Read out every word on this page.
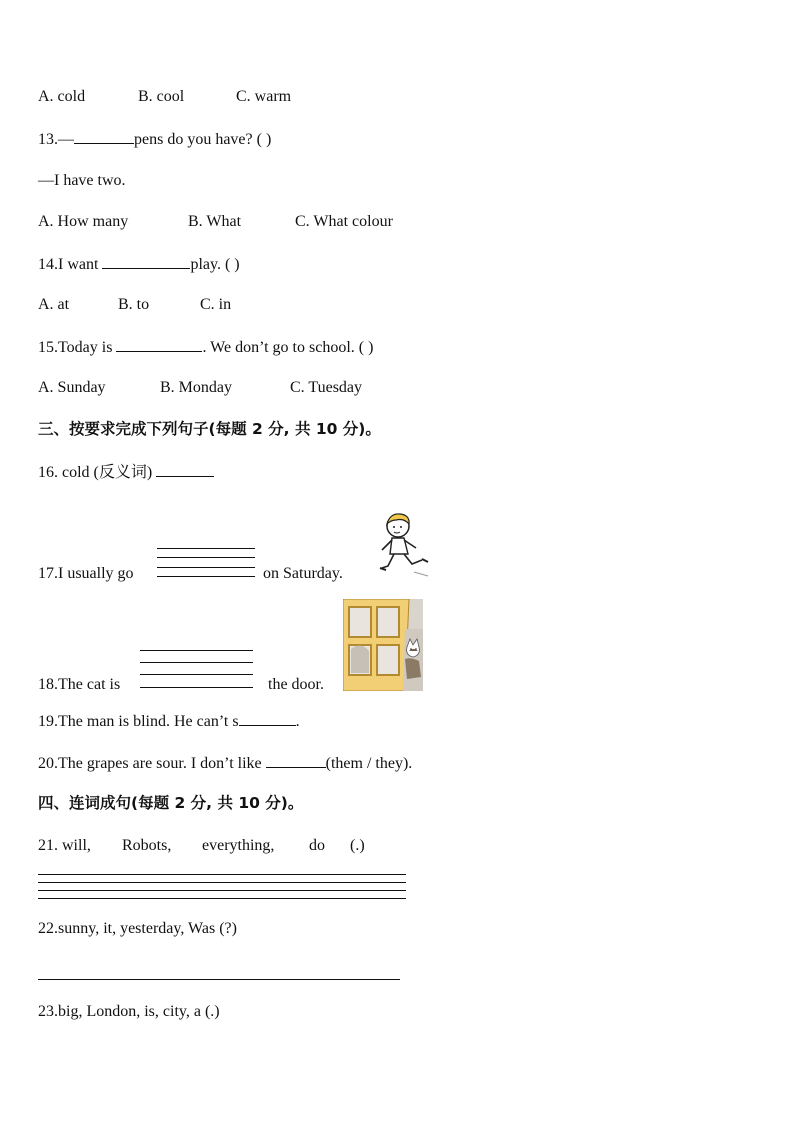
A. cold	B. cool	C. warm
13.—	pens do you have? ( )
—I have two.
A. How many	B. What	C. What colour
14.I want	play. ( )
A. at	B. to	C. in
15.Today is	. We don’t go to school. ( )
A. Sunday	B. Monday	C. Tuesday
三、按要求完成下列句子(每题 2 分, 共 10 分)。
16. cold (反义词)
17.I usually go	on Saturday.
18.The cat is	the door.
19.The man is blind. He can’t s	.
20.The grapes are sour. I don’t like	(them / they).
四、连词成句(每题 2 分, 共 10 分)。
21. will, Robots, everything, do (.)
22.sunny, it, yesterday, Was (?)
23.big, London, is, city, a (.)
